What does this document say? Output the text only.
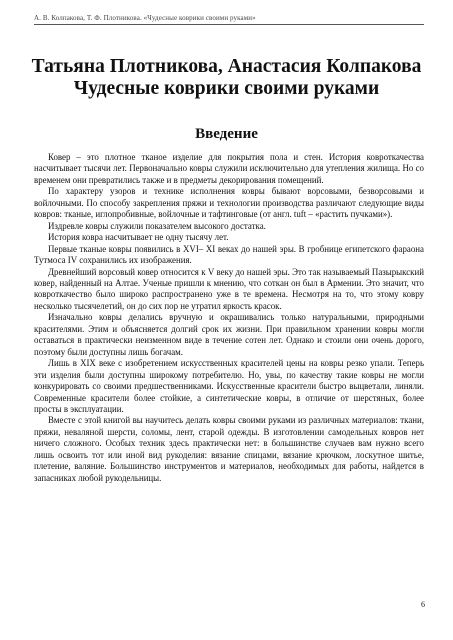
А. В. Колпакова, Т. Ф. Плотникова. «Чудесные коврики своими руками»
Татьяна Плотникова, Анастасия Колпакова
Чудесные коврики своими руками
Введение

Ковер – это плотное тканое изделие для покрытия пола и стен. История ковроткачества насчитывает тысячи лет. Первоначально ковры служили исключительно для утепления жилища. Но со временем они превратились также и в предметы декорирования помещений.

По характеру узоров и технике исполнения ковры бывают ворсовыми, безворсовыми и войлочными. По способу закрепления пряжи и технологии производства различают следующие виды ковров: тканые, иглопробивные, войлочные и тафтинговые (от англ. tuft – «растить пучками»).

Издревле ковры служили показателем высокого достатка.

История ковра насчитывает не одну тысячу лет.

Первые тканые ковры появились в XVI– XI веках до нашей эры. В гробнице египетского фараона Тутмоса IV сохранились их изображения.

Древнейший ворсовый ковер относится к V веку до нашей эры. Это так называемый Пазырыкский ковер, найденный на Алтае. Ученые пришли к мнению, что соткан он был в Армении. Это значит, что ковроткачество было широко распространено уже в те времена. Несмотря на то, что этому ковру несколько тысячелетий, он до сих пор не утратил яркость красок.

Изначально ковры делались вручную и окрашивались только натуральными, природными красителями. Этим и объясняется долгий срок их жизни. При правильном хранении ковры могли оставаться в практически неизменном виде в течение сотен лет. Однако и стоили они очень дорого, поэтому были доступны лишь богачам.

Лишь в XIX веке с изобретением искусственных красителей цены на ковры резко упали. Теперь эти изделия были доступны широкому потребителю. Но, увы, по качеству такие ковры не могли конкурировать со своими предшественниками. Искусственные красители быстро выцветали, линяли. Современные красители более стойкие, а синтетические ковры, в отличие от шерстяных, более просты в эксплуатации.

Вместе с этой книгой вы научитесь делать ковры своими руками из различных материалов: ткани, пряжи, неваляной шерсти, соломы, лент, старой одежды. В изготовлении самодельных ковров нет ничего сложного. Особых техник здесь практически нет: в большинстве случаев вам нужно всего лишь освоить тот или иной вид рукоделия: вязание спицами, вязание крючком, лоскутное шитье, плетение, валяние. Большинство инструментов и материалов, необходимых для работы, найдется в запасниках любой рукодельницы.

6
